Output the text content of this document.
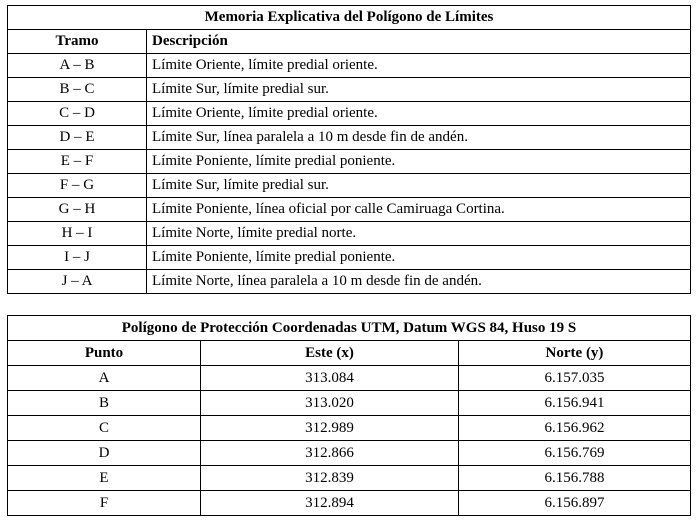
Memoria Explicativa del Polígono de Límites	
Tramo	Descripción
A – B	Límite Oriente, límite predial oriente.
B – C	Límite Sur, límite predial sur.
C – D	Límite Oriente, límite predial oriente.
D – E	Límite Sur, línea paralela a 10 m desde fin de andén.
E – F	Límite Poniente, límite predial poniente.
F – G	Límite Sur, límite predial sur.
G – H	Límite Poniente, línea oficial por calle Camiruaga Cortina.
H – I	Límite Norte, límite predial norte.
I – J	Límite Poniente, límite predial poniente.
J – A	Límite Norte, línea paralela a 10 m desde fin de andén.
Polígono de Protección Coordenadas UTM, Datum WGS 84, Huso 19 S		
Punto	Este (x)	Norte (y)
A	313.084	6.157.035
B	313.020	6.156.941
C	312.989	6.156.962
D	312.866	6.156.769
E	312.839	6.156.788
F	312.894	6.156.897
